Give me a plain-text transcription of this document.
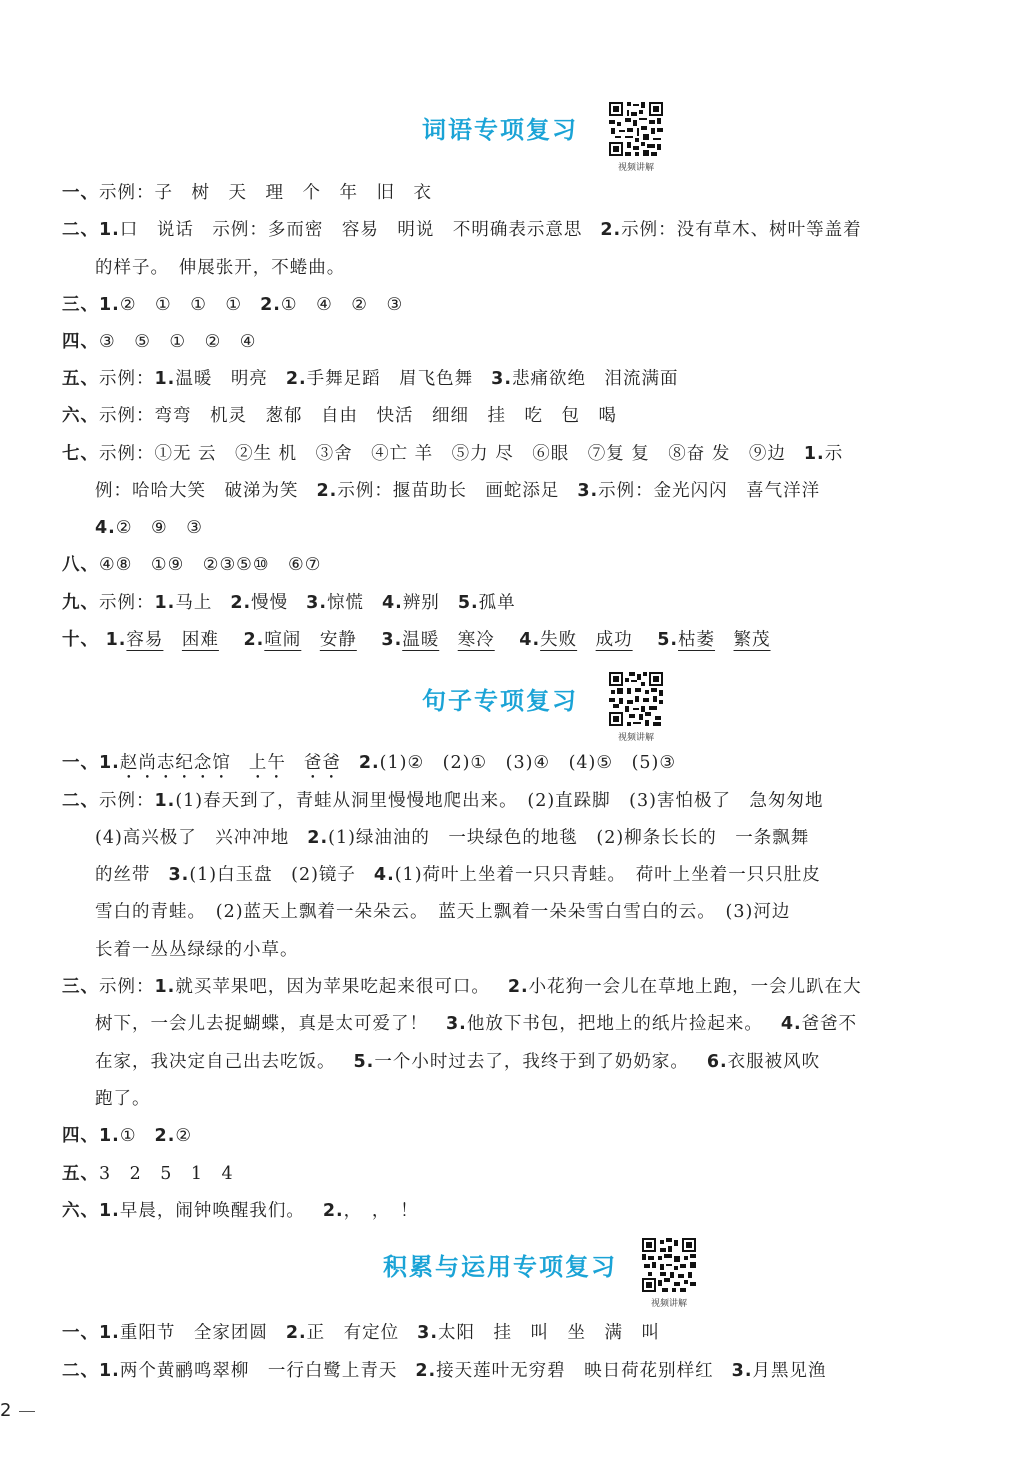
词语专项复习
视频讲解
一、示例：子　树　天　理　个　年　旧　衣
二、1.口　说话　示例：多而密　容易　明说　不明确表示意思 2.示例：没有草木、树叶等盖着
的样子。　伸展张开，不蜷曲。
三、1.②　①　①　① 2.①　④　②　③
四、③　⑤　①　②　④
五、示例：1.温暖　明亮 2.手舞足蹈　眉飞色舞 3.悲痛欲绝　泪流满面
六、示例：弯弯　机灵　葱郁　自由　快活　细细　挂　吃　包　喝
七、示例：①无 云　②生 机　③舍　④亡 羊　⑤力 尽　⑥眼　⑦复 复　⑧奋 发　⑨边 1.示
例：哈哈大笑　破涕为笑 2.示例：揠苗助长　画蛇添足 3.示例：金光闪闪　喜气洋洋
4.②　⑨　③
八、④⑧　①⑨　②③⑤⑩　⑥⑦
九、示例：1.马上 2.慢慢 3.惊慌 4.辨别 5.孤单
十、 1.容易　 困难 2.喧闹　 安静 3.温暖　 寒冷 4.失败　 成功 5.枯萎　 繁茂
句子专项复习
视频讲解
一、1.赵尚志纪念馆 上午 爸爸 2.(1)②　(2)①　(3)④　(4)⑤　(5)③
二、示例：1.(1)春天到了，青蛙从洞里慢慢地爬出来。　(2)直跺脚　(3)害怕极了　急匆匆地
(4)高兴极了　兴冲冲地 2.(1)绿油油的　一块绿色的地毯　(2)柳条长长的　一条飘舞
的丝带 3.(1)白玉盘　(2)镜子 4.(1)荷叶上坐着一只只青蛙。　荷叶上坐着一只只肚皮
雪白的青蛙。　(2)蓝天上飘着一朵朵云。　蓝天上飘着一朵朵雪白雪白的云。　(3)河边
长着一丛丛绿绿的小草。
三、示例：1.就买苹果吧，因为苹果吃起来很可口。 2.小花狗一会儿在草地上跑，一会儿趴在大
树下，一会儿去捉蝴蝶，真是太可爱了！ 3.他放下书包，把地上的纸片捡起来。 4.爸爸不
在家，我决定自己出去吃饭。 5.一个小时过去了，我终于到了奶奶家。 6.衣服被风吹
跑了。
四、1.① 2.②
五、3　2　5　1　4
六、1.早晨，闹钟唤醒我们。 2.，　，　！
积累与运用专项复习
视频讲解
一、1.重阳节　全家团圆 2.正　有定位 3.太阳　挂　叫　坐　满　叫
二、1.两个黄鹂鸣翠柳　一行白鹭上青天 2.接天莲叶无穷碧　映日荷花别样红 3.月黑见渔
2
